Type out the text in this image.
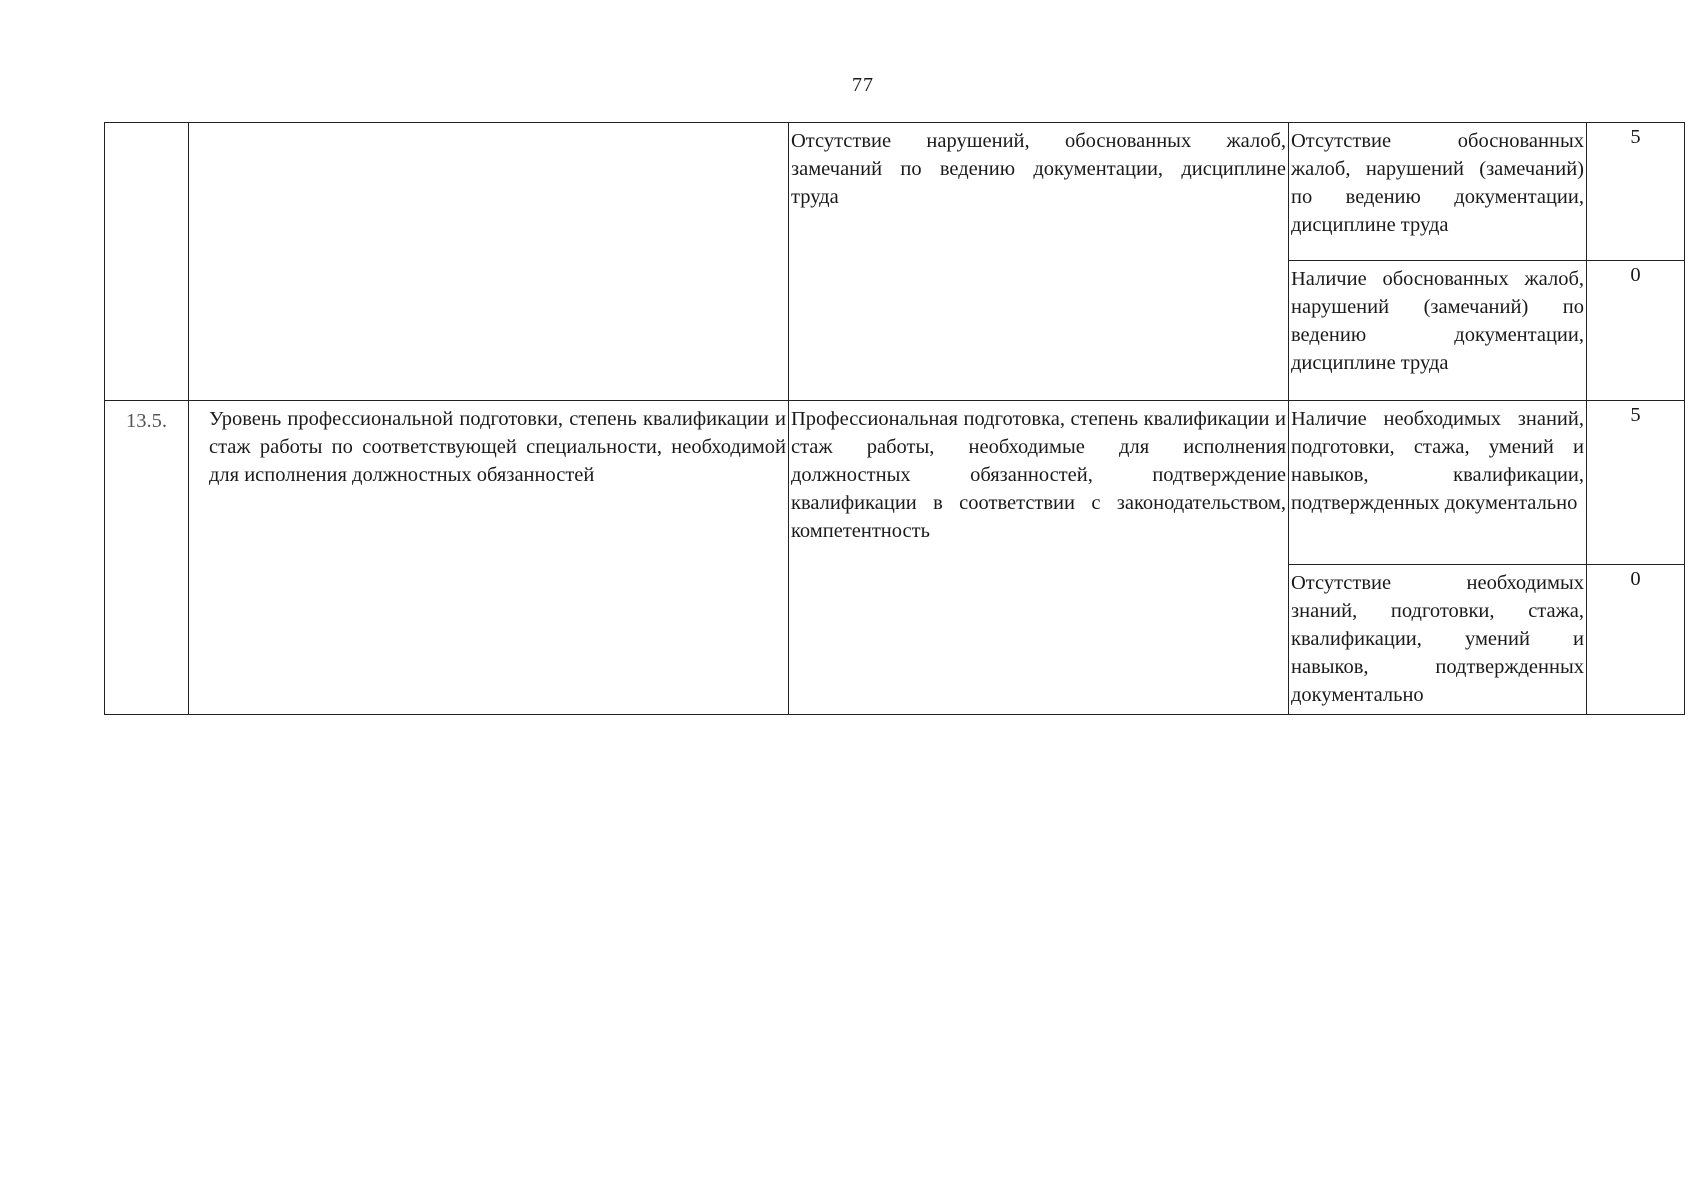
77
		Отсутствие нарушений, обоснованных жалоб, замечаний по ведению документации, дисциплине труда	Отсутствие обоснованных жалоб, нарушений (замечаний) по ведению документации, дисциплине труда	5
			Наличие обоснованных жалоб, нарушений (замечаний) по ведению документации, дисциплине труда	0
13.5.	Уровень профессиональной подготовки, степень квалификации и стаж работы по соответствующей специальности, необходимой для исполнения должностных обязанностей	Профессиональная подготовка, степень квалификации и стаж работы, необходимые для исполнения должностных обязанностей, подтверждение квалификации в соответствии с законодательством, компетентность	Наличие необходимых знаний, подготовки, стажа, умений и навыков, квалификации, подтвержденных документально	5
			Отсутствие необходимых знаний, подготовки, стажа, квалификации, умений и навыков, подтвержденных документально	0
